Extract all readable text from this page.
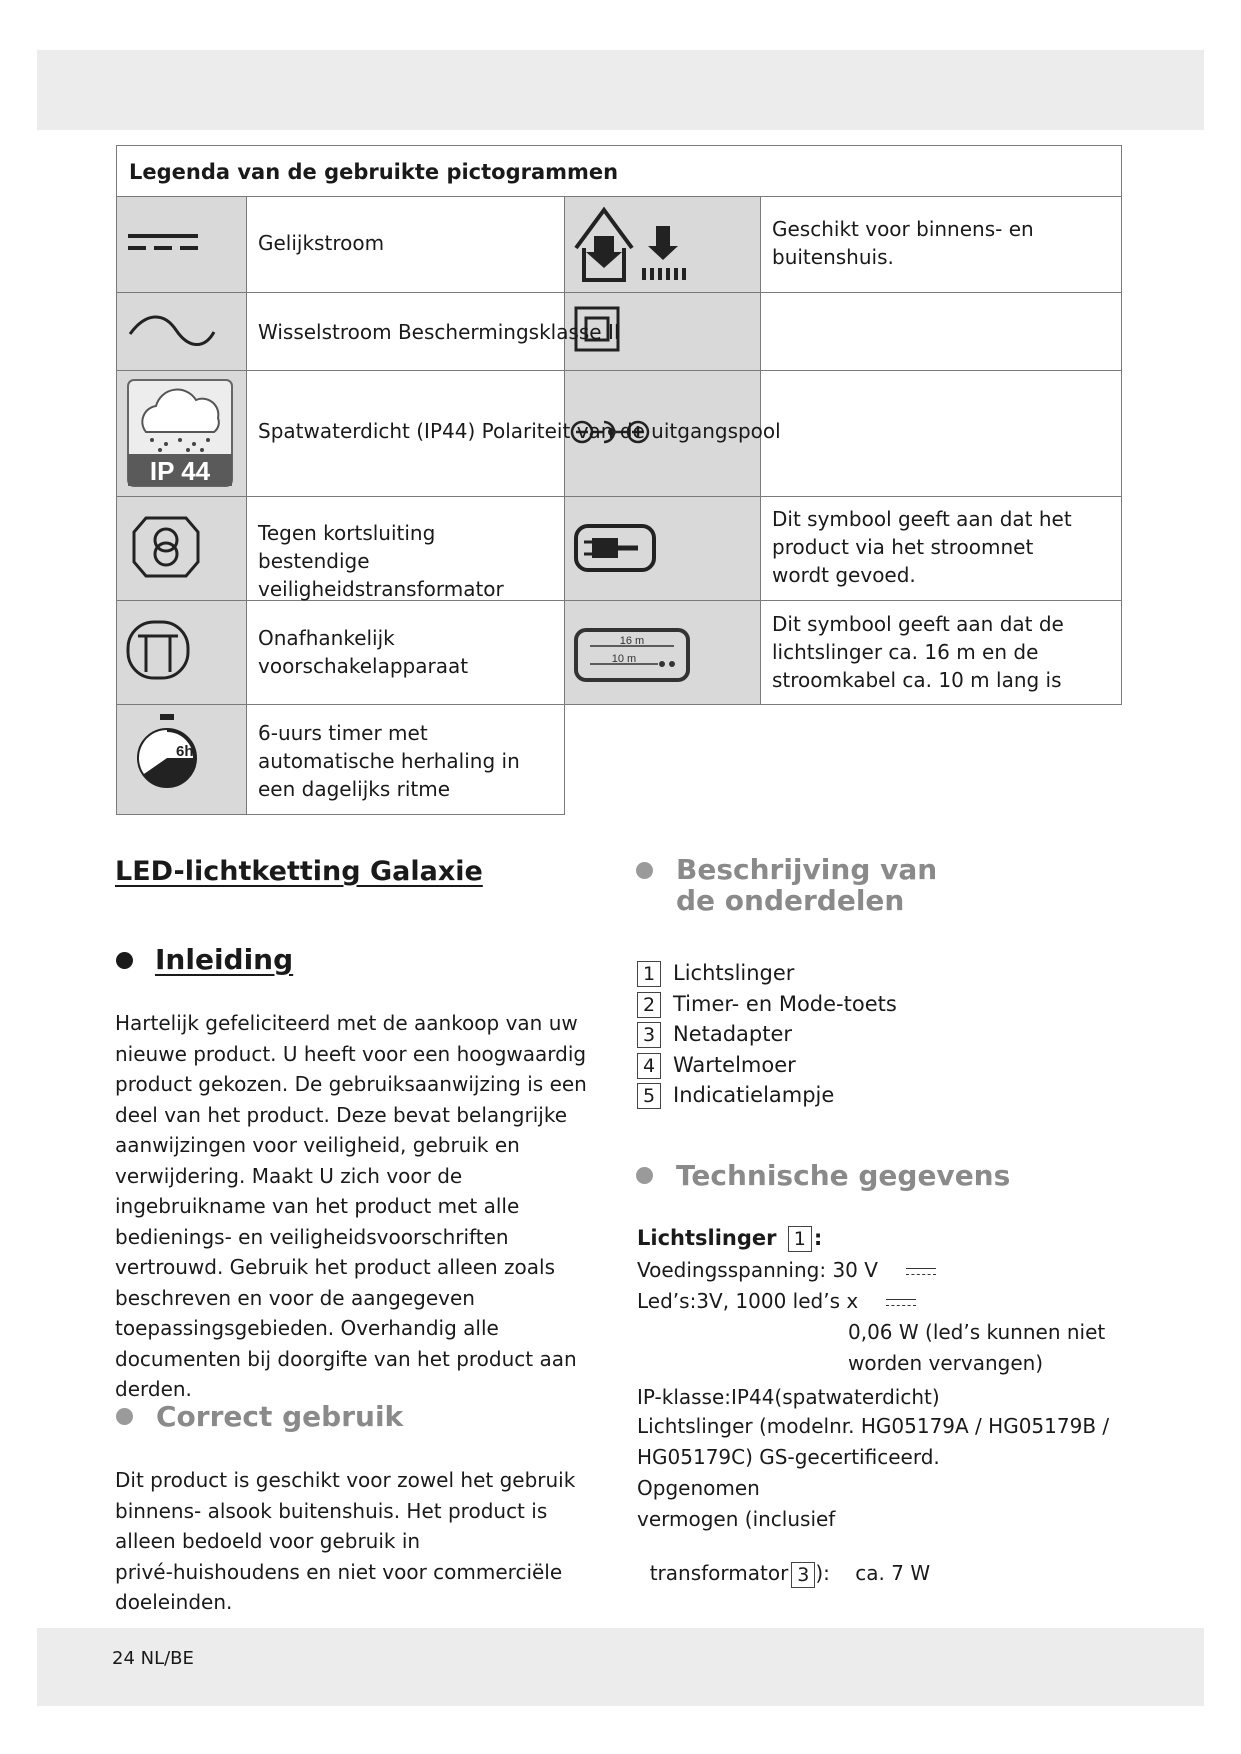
Legenda van de gebruikte pictogrammen
IP 44
6h
16 m
10 m
Gelijkstroom
Wisselstroom Beschermingsklasse II
Spatwaterdicht (IP44) Polariteit van de uitgangspool
Tegen kortsluiting bestendige veiligheidstransformator
Onafhankelijk voorschakelapparaat
6-uurs timer met automatische herhaling in een dagelijks ritme
Geschikt voor binnens- en buitenshuis.
Dit symbool geeft aan dat het product via het stroomnet wordt gevoed.
Dit symbool geeft aan dat de lichtslinger ca. 16 m en de stroomkabel ca. 10 m lang is
LED-lichtketting Galaxie
Inleiding
Hartelijk gefeliciteerd met de aankoop van uw
nieuwe product. U heeft voor een hoogwaardig
product gekozen. De gebruiksaanwijzing is een
deel van het product. Deze bevat belangrijke
aanwijzingen voor veiligheid, gebruik en
verwijdering. Maakt U zich voor de
ingebruikname van het product met alle
bedienings- en veiligheidsvoorschriften
vertrouwd. Gebruik het product alleen zoals
beschreven en voor de aangegeven
toepassingsgebieden. Overhandig alle
documenten bij doorgifte van het product aan
derden.
Correct gebruik
Dit product is geschikt voor zowel het gebruik
binnens- alsook buitenshuis. Het product is
alleen bedoeld voor gebruik in
privé-huishoudens en niet voor commerciële
doeleinden.
Beschrijving van de onderdelen
1 Lichtslinger
2 Timer- en Mode-toets
3 Netadapter
4 Wartelmoer
5 Indicatielampje
Technische gegevens
Lichtslinger 1 :
Voedingsspanning: 30 V
Led’s:3V, 1000 led’s x
0,06 W (led’s kunnen niet
worden vervangen)
IP-klasse:IP44(spatwaterdicht)
Lichtslinger (modelnr. HG05179A / HG05179B /
HG05179C) GS-gecertificeerd.
Opgenomen
vermogen (inclusief

transformator 3 ):    ca. 7 W

24 NL/BE
